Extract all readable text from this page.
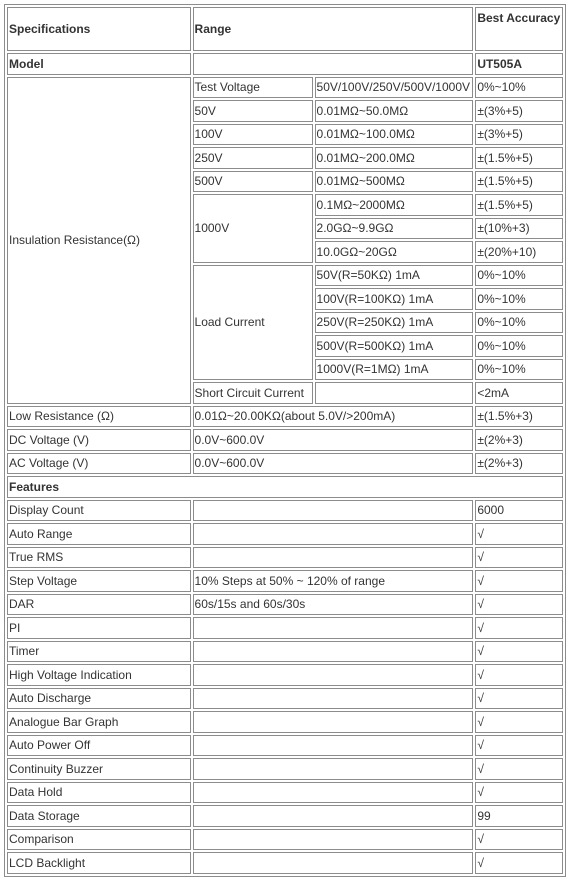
Specifications	Range		Best Accuracy
Model			UT505A
Insulation Resistance(Ω)	Test Voltage	50V/100V/250V/500V/1000V	0%~10%
	50V	0.01MΩ~50.0MΩ	±(3%+5)
	100V	0.01MΩ~100.0MΩ	±(3%+5)
	250V	0.01MΩ~200.0MΩ	±(1.5%+5)
	500V	0.01MΩ~500MΩ	±(1.5%+5)
	1000V	0.1MΩ~2000MΩ	±(1.5%+5)
		2.0GΩ~9.9GΩ	±(10%+3)
		10.0GΩ~20GΩ	±(20%+10)
	Load Current	50V(R=50KΩ) 1mA	0%~10%
		100V(R=100KΩ) 1mA	0%~10%
		250V(R=250KΩ) 1mA	0%~10%
		500V(R=500KΩ) 1mA	0%~10%
		1000V(R=1MΩ) 1mA	0%~10%
	Short Circuit Current		<2mA
Low Resistance (Ω)	0.01Ω~20.00KΩ(about 5.0V/>200mA)		±(1.5%+3)
DC Voltage (V)	0.0V~600.0V		±(2%+3)
AC Voltage (V)	0.0V~600.0V		±(2%+3)
Features			
Display Count			6000
Auto Range			√
True RMS			√
Step Voltage	10% Steps at 50% ~ 120% of range		√
DAR	60s/15s and 60s/30s		√
PI			√
Timer			√
High Voltage Indication			√
Auto Discharge			√
Analogue Bar Graph			√
Auto Power Off			√
Continuity Buzzer			√
Data Hold			√
Data Storage			99
Comparison			√
LCD Backlight			√
